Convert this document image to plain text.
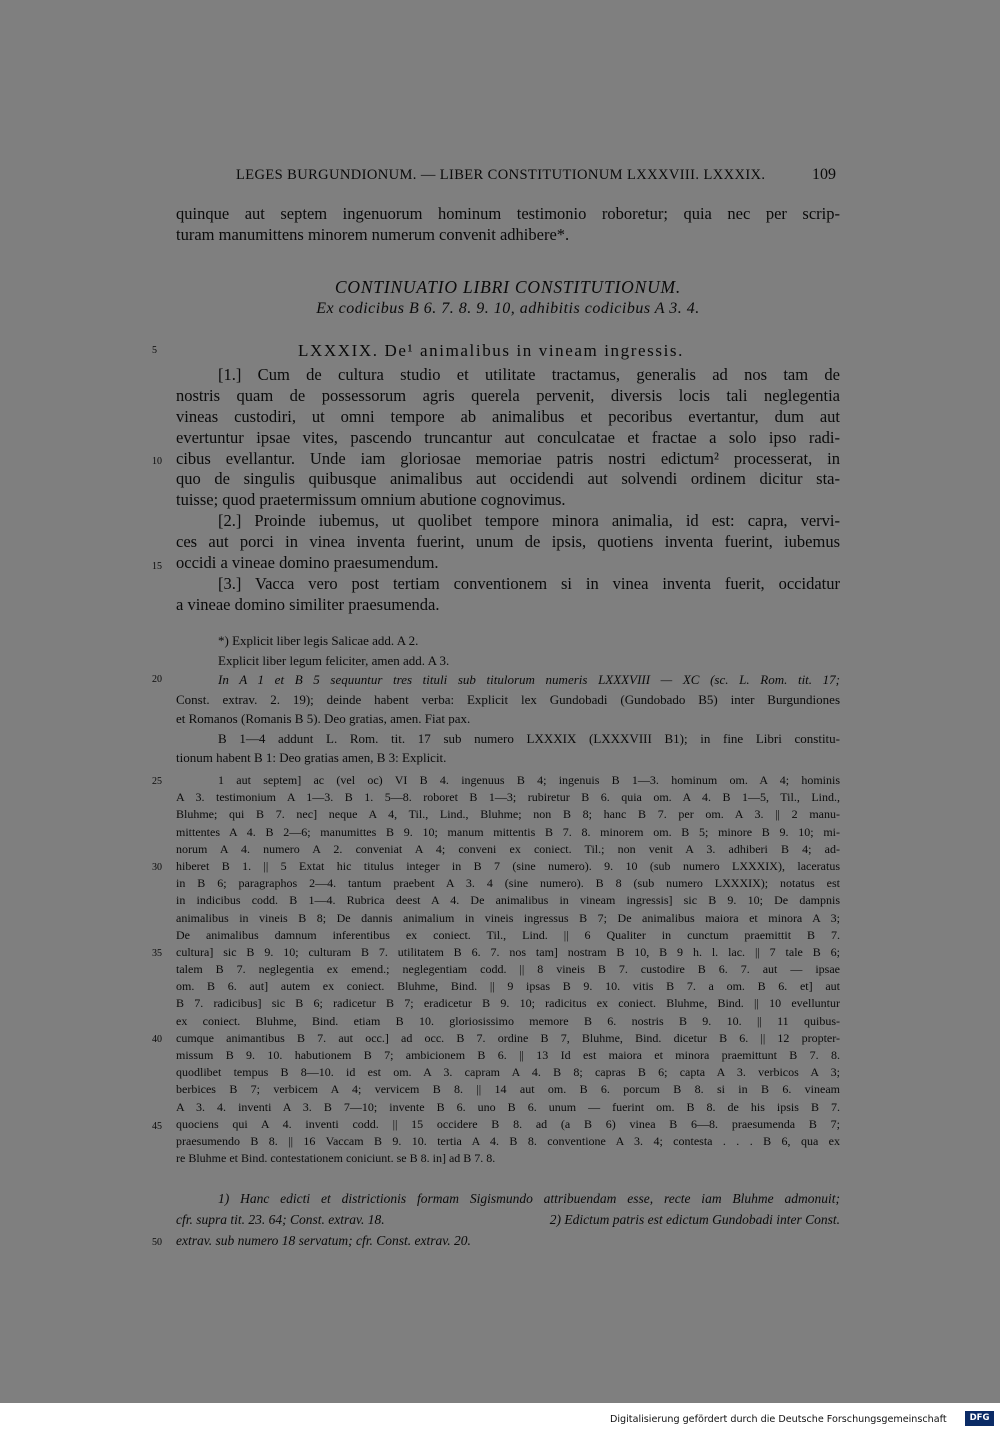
LEGES BURGUNDIONUM. — LIBER CONSTITUTIONUM LXXXVIII. LXXXIX.	109
quinque aut septem ingenuorum hominum testimonio roboretur; quia nec per scrip-
turam manumittens minorem numerum convenit adhibere*.
CONTINUATIO LIBRI CONSTITUTIONUM.
Ex codicibus B 6. 7. 8. 9. 10, adhibitis codicibus A 3. 4.
5	LXXXIX. De¹ animalibus in vineam ingressis.
[1.] Cum de cultura studio et utilitate tractamus, generalis ad nos tam de
nostris quam de possessorum agris querela pervenit, diversis locis tali neglegentia
vineas custodiri, ut omni tempore ab animalibus et pecoribus evertantur, dum aut
evertuntur ipsae vites, pascendo truncantur aut conculcatae et fractae a solo ipso radi-
cibus evellantur. Unde iam gloriosae memoriae patris nostri edictum² processerat, in
quo de singulis quibusque animalibus aut occidendi aut solvendi ordinem dicitur sta-
tuisse; quod praetermissum omnium abutione cognovimus.
[2.] Proinde iubemus, ut quolibet tempore minora animalia, id est: capra, vervi-
ces aut porci in vinea inventa fuerint, unum de ipsis, quotiens inventa fuerint, iubemus
occidi a vineae domino praesumendum.
[3.] Vacca vero post tertiam conventionem si in vinea inventa fuerit, occidatur
a vineae domino similiter praesumenda.
10
15
*) Explicit liber legis Salicae add. A 2.
Explicit liber legum feliciter, amen add. A 3.
In A 1 et B 5 sequuntur tres tituli sub titulorum numeris LXXXVIII — XC (sc. L. Rom. tit. 17;
Const. extrav. 2. 19); deinde habent verba: Explicit lex Gundobadi (Gundobado B5) inter Burgundiones
et Romanos (Romanis B 5). Deo gratias, amen. Fiat pax.
B 1—4 addunt L. Rom. tit. 17 sub numero LXXXIX (LXXXVIII B1); in fine Libri constitu-
tionum habent B 1: Deo gratias amen, B 3: Explicit.
20
1 aut septem] ac (vel oc) VI B 4. ingenuus B 4; ingenuis B 1—3. hominum om. A 4; hominis
A 3. testimonium A 1—3. B 1. 5—8. roboret B 1—3; rubiretur B 6. quia om. A 4. B 1—5, Til., Lind.,
Bluhme; qui B 7. nec] neque A 4, Til., Lind., Bluhme; non B 8; hanc B 7. per om. A 3. || 2 manu-
mittentes A 4. B 2—6; manumittes B 9. 10; manum mittentis B 7. 8. minorem om. B 5; minore B 9. 10; mi-
norum A 4. numero A 2. conveniat A 4; conveni ex coniect. Til.; non venit A 3. adhiberi B 4; ad-
hiberet B 1. || 5 Extat hic titulus integer in B 7 (sine numero). 9. 10 (sub numero LXXXIX), laceratus
in B 6; paragraphos 2—4. tantum praebent A 3. 4 (sine numero). B 8 (sub numero LXXXIX); notatus est
in indicibus codd. B 1—4. Rubrica deest A 4. De animalibus in vineam ingressis] sic B 9. 10; De dampnis
animalibus in vineis B 8; De dannis animalium in vineis ingressus B 7; De animalibus maiora et minora A 3;
De animalibus damnum inferentibus ex coniect. Til., Lind. || 6 Qualiter in cunctum praemittit B 7.
cultura] sic B 9. 10; culturam B 7. utilitatem B 6. 7. nos tam] nostram B 10, B 9 h. l. lac. || 7 tale B 6;
talem B 7. neglegentia ex emend.; neglegentiam codd. || 8 vineis B 7. custodire B 6. 7. aut — ipsae
om. B 6. aut] autem ex coniect. Bluhme, Bind. || 9 ipsas B 9. 10. vitis B 7. a om. B 6. et] aut
B 7. radicibus] sic B 6; radicetur B 7; eradicetur B 9. 10; radicitus ex coniect. Bluhme, Bind. || 10 evelluntur
ex coniect. Bluhme, Bind. etiam B 10. gloriosissimo memore B 6. nostris B 9. 10. || 11 quibus-
cumque animantibus B 7. aut occ.] ad occ. B 7. ordine B 7, Bluhme, Bind. dicetur B 6. || 12 propter-
missum B 9. 10. habutionem B 7; ambicionem B 6. || 13 Id est maiora et minora praemittunt B 7. 8.
quodlibet tempus B 8—10. id est om. A 3. capram A 4. B 8; capras B 6; capta A 3. verbicos A 3;
berbices B 7; verbicem A 4; vervicem B 8. || 14 aut om. B 6. porcum B 8. si in B 6. vineam
A 3. 4. inventi A 3. B 7—10; invente B 6. uno B 6. unum — fuerint om. B 8. de his ipsis B 7.
quociens qui A 4. inventi codd. || 15 occidere B 8. ad (a B 6) vinea B 6—8. praesumenda B 7;
praesumendo B 8. || 16 Vaccam B 9. 10. tertia A 4. B 8. conventione A 3. 4; contesta . . . B 6, qua ex
re Bluhme et Bind. contestationem coniciunt. se B 8. in] ad B 7. 8.
25
30
35
40
45
1) Hanc edicti et districtionis formam Sigismundo attribuendam esse, recte iam Bluhme admonuit;
cfr. supra tit. 23. 64; Const. extrav. 18.	2) Edictum patris est edictum Gundobadi inter Const.
extrav. sub numero 18 servatum; cfr. Const. extrav. 20.
50
Digitalisierung gefördert durch die Deutsche Forschungsgemeinschaft	DFG
